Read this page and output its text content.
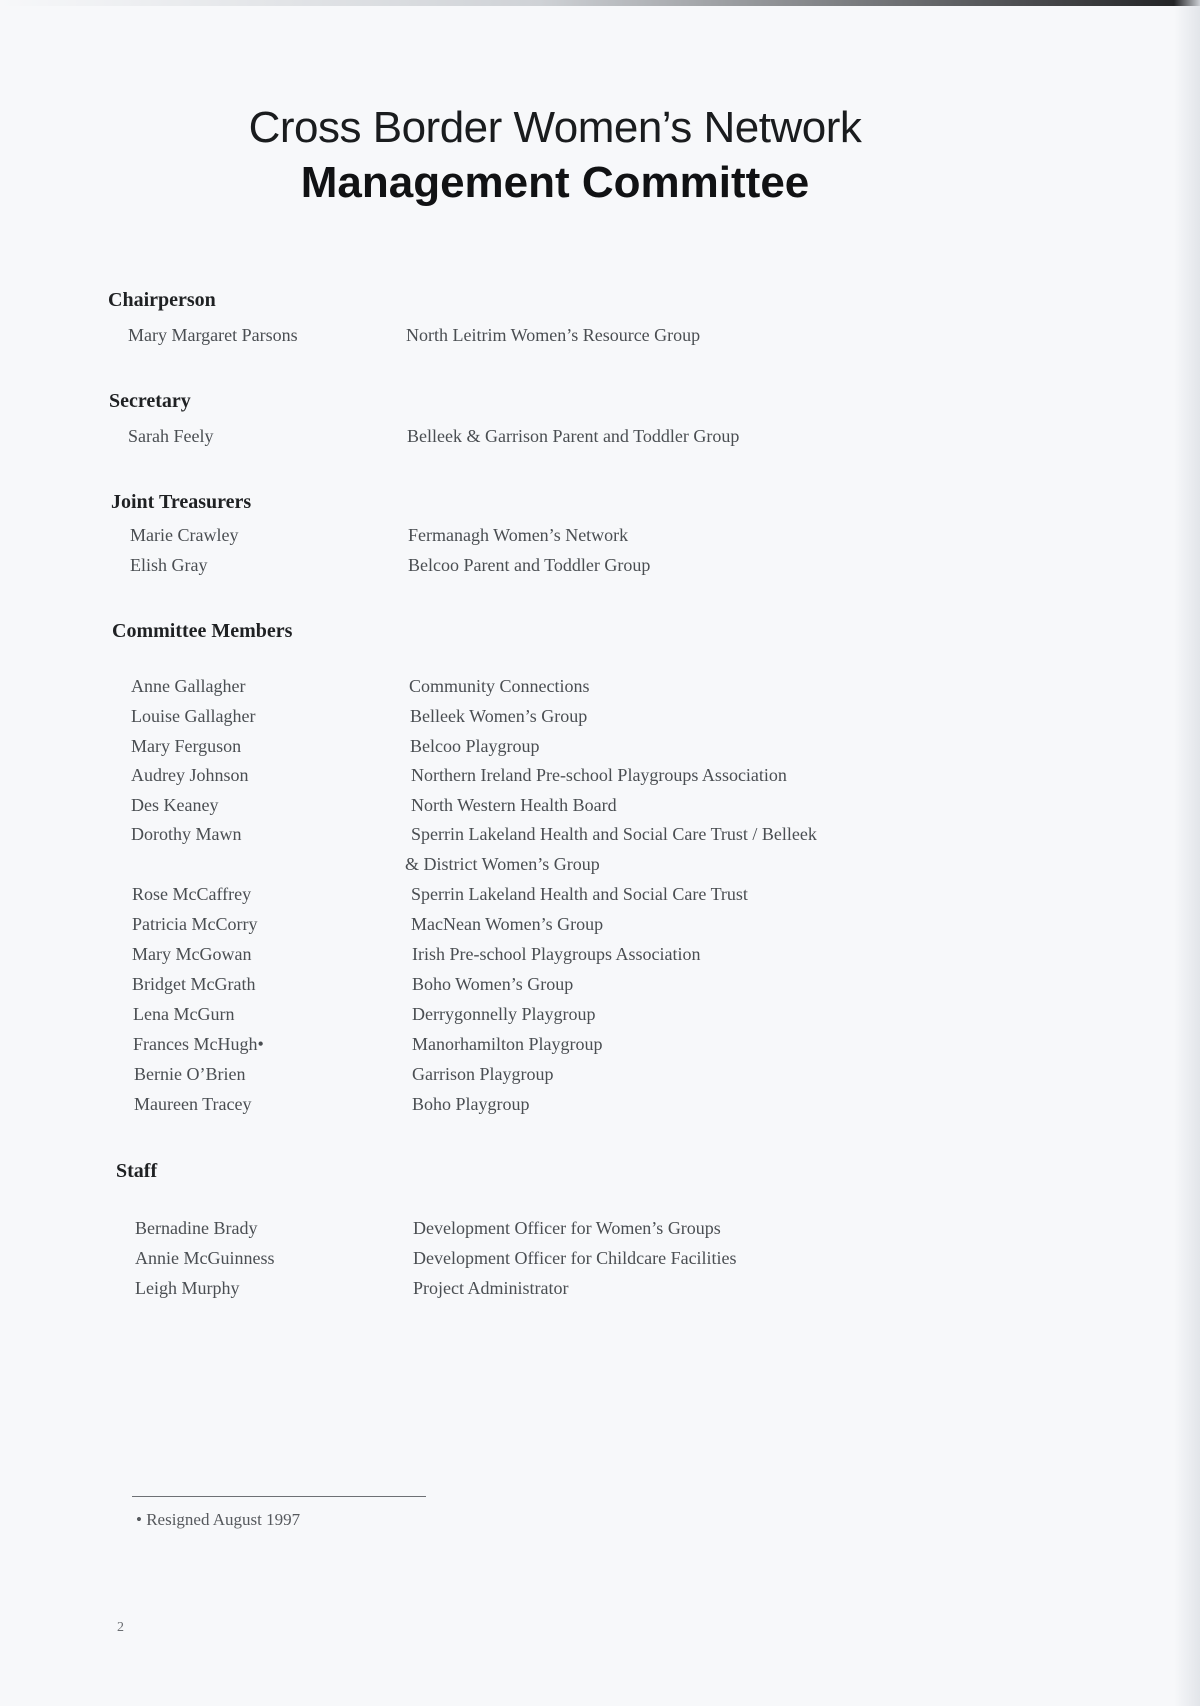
Cross Border Women’s Network
Management Committee
Chairperson
Mary Margaret Parsons	North Leitrim Women’s Resource Group
Secretary
Sarah Feely	Belleek & Garrison Parent and Toddler Group
Joint Treasurers
Marie Crawley	Fermanagh Women’s Network
Elish Gray	Belcoo Parent and Toddler Group
Committee Members
Anne Gallagher	Community Connections
Louise Gallagher	Belleek Women’s Group
Mary Ferguson	Belcoo Playgroup
Audrey Johnson	Northern Ireland Pre-school Playgroups Association
Des Keaney	North Western Health Board
Dorothy Mawn	Sperrin Lakeland Health and Social Care Trust / Belleek
& District Women’s Group
Rose McCaffrey	Sperrin Lakeland Health and Social Care Trust
Patricia McCorry	MacNean Women’s Group
Mary McGowan	Irish Pre-school Playgroups Association
Bridget McGrath	Boho Women’s Group
Lena McGurn	Derrygonnelly Playgroup
Frances McHugh•	Manorhamilton Playgroup
Bernie O’Brien	Garrison Playgroup
Maureen Tracey	Boho Playgroup
Staff
Bernadine Brady	Development Officer for Women’s Groups
Annie McGuinness	Development Officer for Childcare Facilities
Leigh Murphy	Project Administrator
• Resigned August 1997
2
